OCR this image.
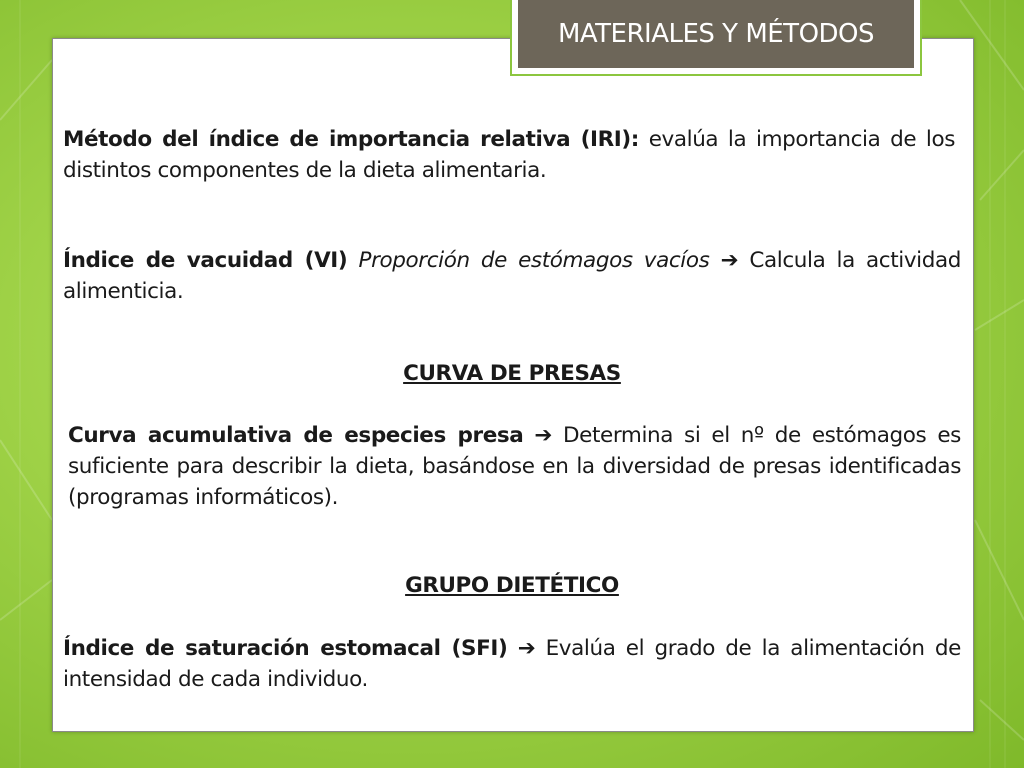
MATERIALES Y MÉTODOS
Método del índice de importancia relativa (IRI): evalúa la importancia de los distintos componentes de la dieta alimentaria.
Índice de vacuidad (VI) Proporción de estómagos vacíos ➔ Calcula la actividad alimenticia.
CURVA DE PRESAS
Curva acumulativa de especies presa ➔ Determina si el nº de estómagos es suficiente para describir la dieta, basándose en la diversidad de presas identificadas (programas informáticos).
GRUPO DIETÉTICO
Índice de saturación estomacal (SFI) ➔ Evalúa el grado de la alimentación de intensidad de cada individuo.
